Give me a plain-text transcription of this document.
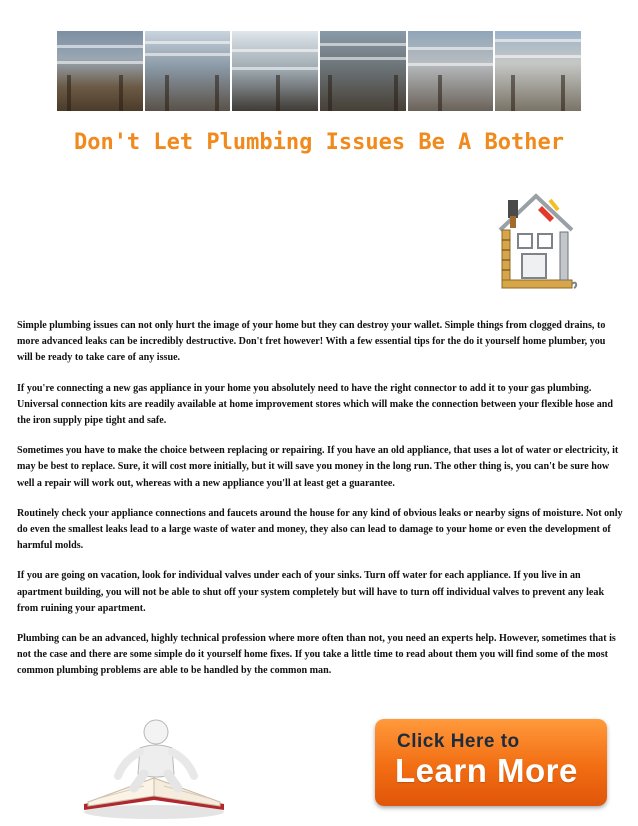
Don't Let Plumbing Issues Be A Bother

Simple plumbing issues can not only hurt the image of your home but they can destroy your wallet. Simple things from clogged drains, to more advanced leaks can be incredibly destructive. Don't fret however! With a few essential tips for the do it yourself home plumber, you will be ready to take care of any issue.

If you're connecting a new gas appliance in your home you absolutely need to have the right connector to add it to your gas plumbing. Universal connection kits are readily available at home improvement stores which will make the connection between your flexible hose and the iron supply pipe tight and safe.

Sometimes you have to make the choice between replacing or repairing. If you have an old appliance, that uses a lot of water or electricity, it may be best to replace. Sure, it will cost more initially, but it will save you money in the long run. The other thing is, you can't be sure how well a repair will work out, whereas with a new appliance you'll at least get a guarantee.

Routinely check your appliance connections and faucets around the house for any kind of obvious leaks or nearby signs of moisture. Not only do even the smallest leaks lead to a large waste of water and money, they also can lead to damage to your home or even the development of harmful molds.

If you are going on vacation, look for individual valves under each of your sinks. Turn off water for each appliance. If you live in an apartment building, you will not be able to shut off your system completely but will have to turn off individual valves to prevent any leak from ruining your apartment.

Plumbing can be an advanced, highly technical profession where more often than not, you need an experts help. However, sometimes that is not the case and there are some simple do it yourself home fixes. If you take a little time to read about them you will find some of the most common plumbing problems are able to be handled by the common man.

Click Here to
Learn More
